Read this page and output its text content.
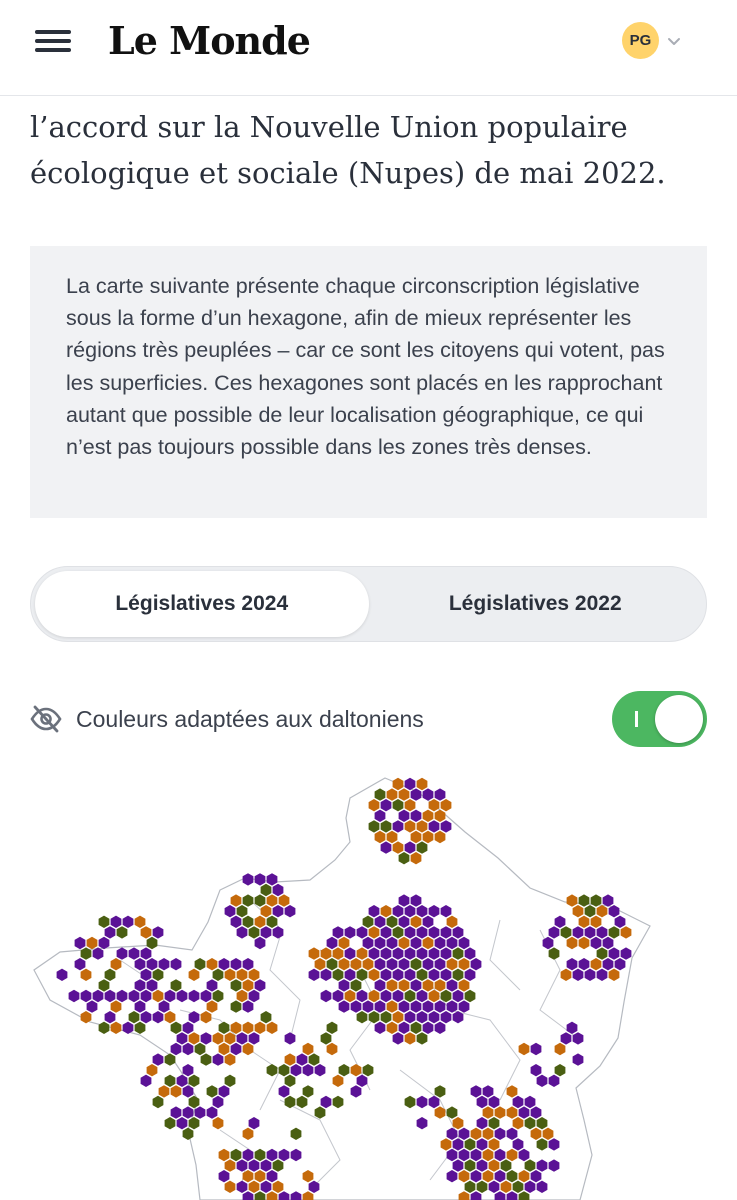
Le Monde	PG
l’accord sur la Nouvelle Union populaire
écologique et sociale (Nupes) de mai 2022.

La carte suivante présente chaque circonscription législative sous la forme d’un hexagone, afin de mieux représenter les régions très peuplées – car ce sont les citoyens qui votent, pas les superficies. Ces hexagones sont placés en les rapprochant autant que possible de leur localisation géographique, ce qui n’est pas toujours possible dans les zones très denses.

Législatives 2024	Législatives 2022
Couleurs adaptées aux daltoniens
